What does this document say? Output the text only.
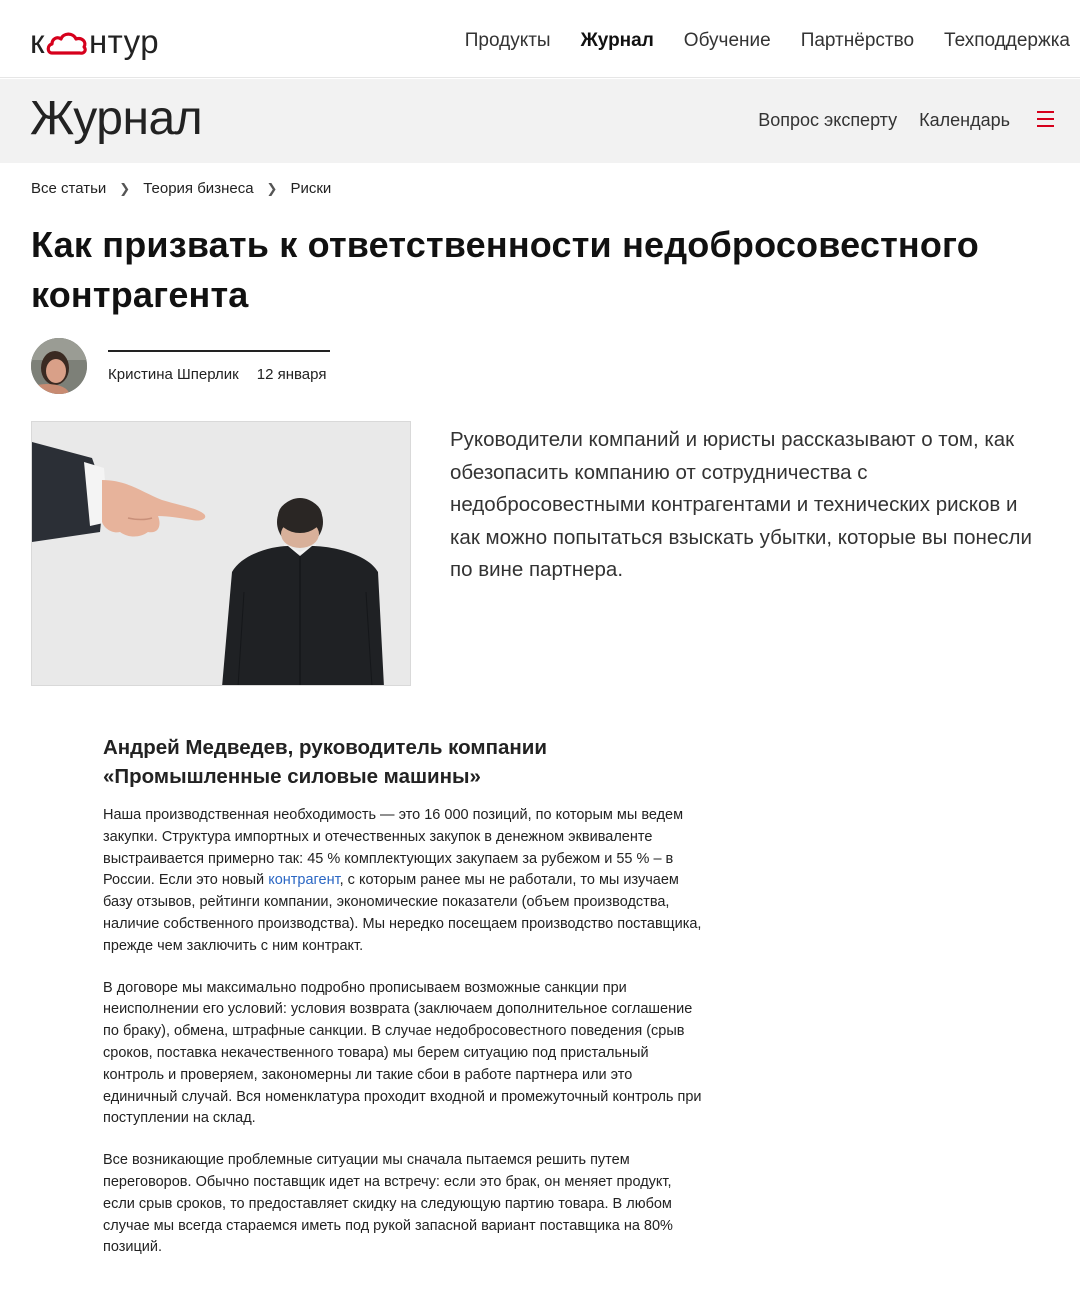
к нтур	Продукты Журнал Обучение Партнёрство Техподдержка
Журнал	Вопрос эксперту Календарь
Все статьи ❯ Теория бизнеса ❯ Риски
Как призвать к ответственности недобросовестного контрагента
Кристина Шперлик 12 января

Руководители компаний и юристы рассказывают о том, как обезопасить компанию от сотрудничества с недобросовестными контрагентами и технических рисков и как можно попытаться взыскать убытки, которые вы понесли по вине партнера.

Андрей Медведев, руководитель компании
«Промышленные силовые машины»

Наша производственная необходимость — это 16 000 позиций, по которым мы ведем закупки. Структура импортных и отечественных закупок в денежном эквиваленте выстраивается примерно так: 45 % комплектующих закупаем за рубежом и 55 % – в России. Если это новый контрагент, с которым ранее мы не работали, то мы изучаем базу отзывов, рейтинги компании, экономические показатели (объем производства, наличие собственного производства). Мы нередко посещаем производство поставщика, прежде чем заключить с ним контракт.

В договоре мы максимально подробно прописываем возможные санкции при неисполнении его условий: условия возврата (заключаем дополнительное соглашение по браку), обмена, штрафные санкции. В случае недобросовестного поведения (срыв сроков, поставка некачественного товара) мы берем ситуацию под пристальный контроль и проверяем, закономерны ли такие сбои в работе партнера или это единичный случай. Вся номенклатура проходит входной и промежуточный контроль при поступлении на склад.

Все возникающие проблемные ситуации мы сначала пытаемся решить путем переговоров. Обычно поставщик идет на встречу: если это брак, он меняет продукт, если срыв сроков, то предоставляет скидку на следующую партию товара. В любом случае мы всегда стараемся иметь под рукой запасной вариант поставщика на 80% позиций.
